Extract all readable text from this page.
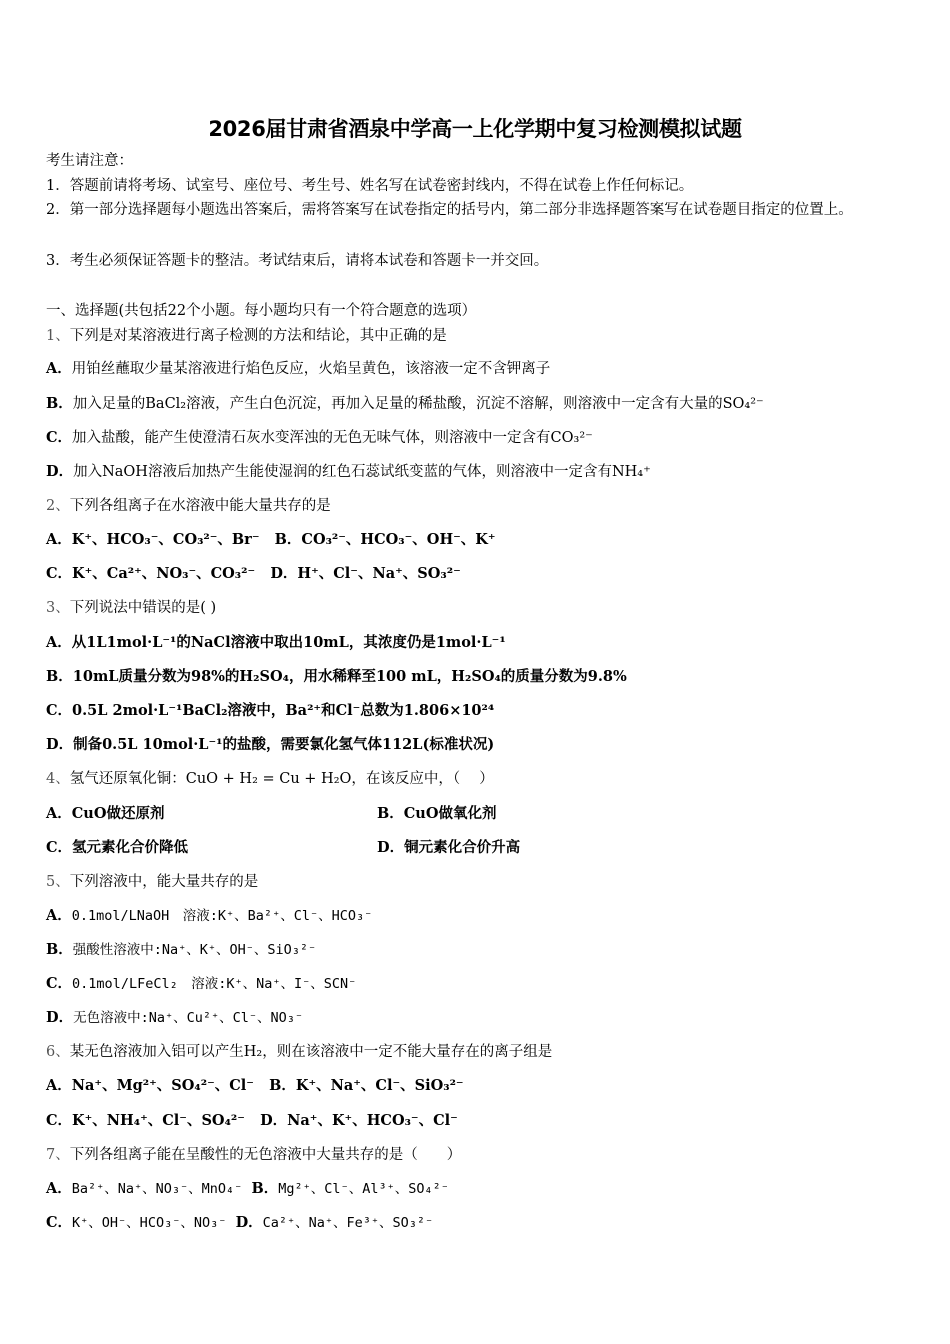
2026届甘肃省酒泉中学高一上化学期中复习检测模拟试题
考生请注意：
1．答题前请将考场、试室号、座位号、考生号、姓名写在试卷密封线内，不得在试卷上作任何标记。
2．第一部分选择题每小题选出答案后，需将答案写在试卷指定的括号内，第二部分非选择题答案写在试卷题目指定的位置上。
3．考生必须保证答题卡的整洁。考试结束后，请将本试卷和答题卡一并交回。
一、选择题(共包括22个小题。每小题均只有一个符合题意的选项）
1、下列是对某溶液进行离子检测的方法和结论，其中正确的是
A．用铂丝蘸取少量某溶液进行焰色反应，火焰呈黄色，该溶液一定不含钾离子
B．加入足量的BaCl₂溶液，产生白色沉淀，再加入足量的稀盐酸，沉淀不溶解，则溶液中一定含有大量的SO₄²⁻
C．加入盐酸，能产生使澄清石灰水变浑浊的无色无味气体，则溶液中一定含有CO₃²⁻
D．加入NaOH溶液后加热产生能使湿润的红色石蕊试纸变蓝的气体，则溶液中一定含有NH₄⁺
2、下列各组离子在水溶液中能大量共存的是
A．K⁺、HCO₃⁻、CO₃²⁻、Br⁻ B．CO₃²⁻、HCO₃⁻、OH⁻、K⁺
C．K⁺、Ca²⁺、NO₃⁻、CO₃²⁻ D．H⁺、Cl⁻、Na⁺、SO₃²⁻
3、下列说法中错误的是( )
A．从1L1mol·L⁻¹的NaCl溶液中取出10mL，其浓度仍是1mol·L⁻¹
B．10mL质量分数为98%的H₂SO₄，用水稀释至100 mL，H₂SO₄的质量分数为9.8%
C．0.5L 2mol·L⁻¹BaCl₂溶液中，Ba²⁺和Cl⁻总数为1.806×10²⁴
D．制备0.5L 10mol·L⁻¹的盐酸，需要氯化氢气体112L(标准状况)
4、氢气还原氧化铜：CuO + H₂ = Cu + H₂O，在该反应中，（　 ）
A．CuO做还原剂	B．CuO做氧化剂
C．氢元素化合价降低	D．铜元素化合价升高
5、下列溶液中，能大量共存的是
A．0.1mol/LNaOH　溶液:K⁺、Ba²⁺、Cl⁻、HCO₃⁻
B．强酸性溶液中:Na⁺、K⁺、OH⁻、SiO₃²⁻
C．0.1mol/LFeCl₂　溶液:K⁺、Na⁺、I⁻、SCN⁻
D．无色溶液中:Na⁺、Cu²⁺、Cl⁻、NO₃⁻
6、某无色溶液加入铝可以产生H₂，则在该溶液中一定不能大量存在的离子组是
A．Na⁺、Mg²⁺、SO₄²⁻、Cl⁻ B．K⁺、Na⁺、Cl⁻、SiO₃²⁻
C．K⁺、NH₄⁺、Cl⁻、SO₄²⁻ D．Na⁺、K⁺、HCO₃⁻、Cl⁻
7、下列各组离子能在呈酸性的无色溶液中大量共存的是（　　）
A．Ba²⁺、Na⁺、NO₃⁻、MnO₄⁻ B．Mg²⁺、Cl⁻、Al³⁺、SO₄²⁻
C．K⁺、OH⁻、HCO₃⁻、NO₃⁻ D．Ca²⁺、Na⁺、Fe³⁺、SO₃²⁻
